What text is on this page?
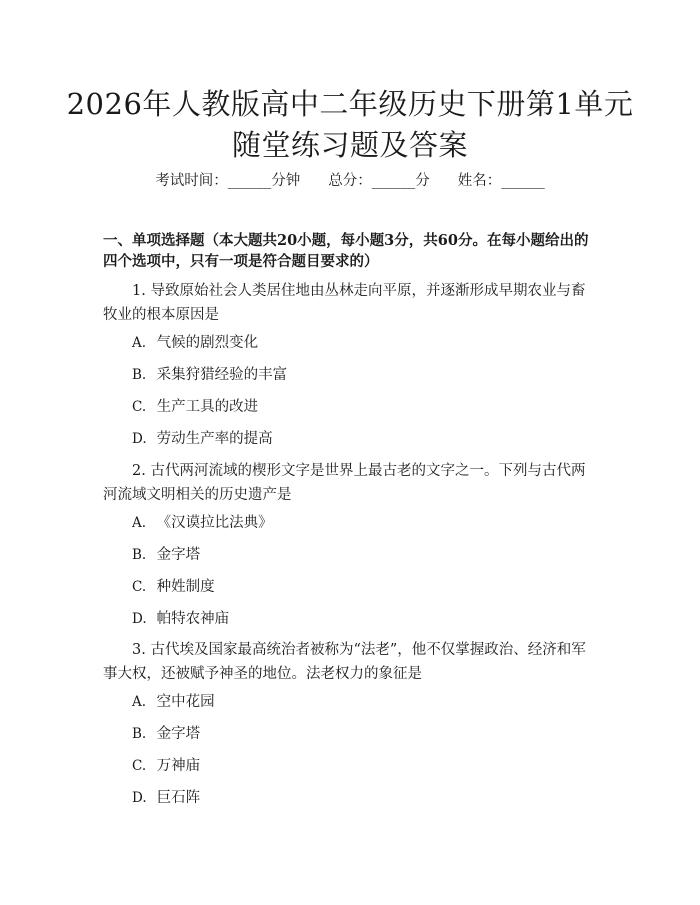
2026年人教版高中二年级历史下册第1单元
随堂练习题及答案
考试时间：______分钟 总分：______分 姓名：______
一、单项选择题（本大题共20小题，每小题3分，共60分。在每小题给出的四个选项中，只有一项是符合题目要求的）
1. 导致原始社会人类居住地由丛林走向平原，并逐渐形成早期农业与畜牧业的根本原因是
A. 气候的剧烈变化
B. 采集狩猎经验的丰富
C. 生产工具的改进
D. 劳动生产率的提高
2. 古代两河流域的楔形文字是世界上最古老的文字之一。下列与古代两河流域文明相关的历史遗产是
A. 《汉谟拉比法典》
B. 金字塔
C. 种姓制度
D. 帕特农神庙
3. 古代埃及国家最高统治者被称为“法老”，他不仅掌握政治、经济和军事大权，还被赋予神圣的地位。法老权力的象征是
A. 空中花园
B. 金字塔
C. 万神庙
D. 巨石阵
